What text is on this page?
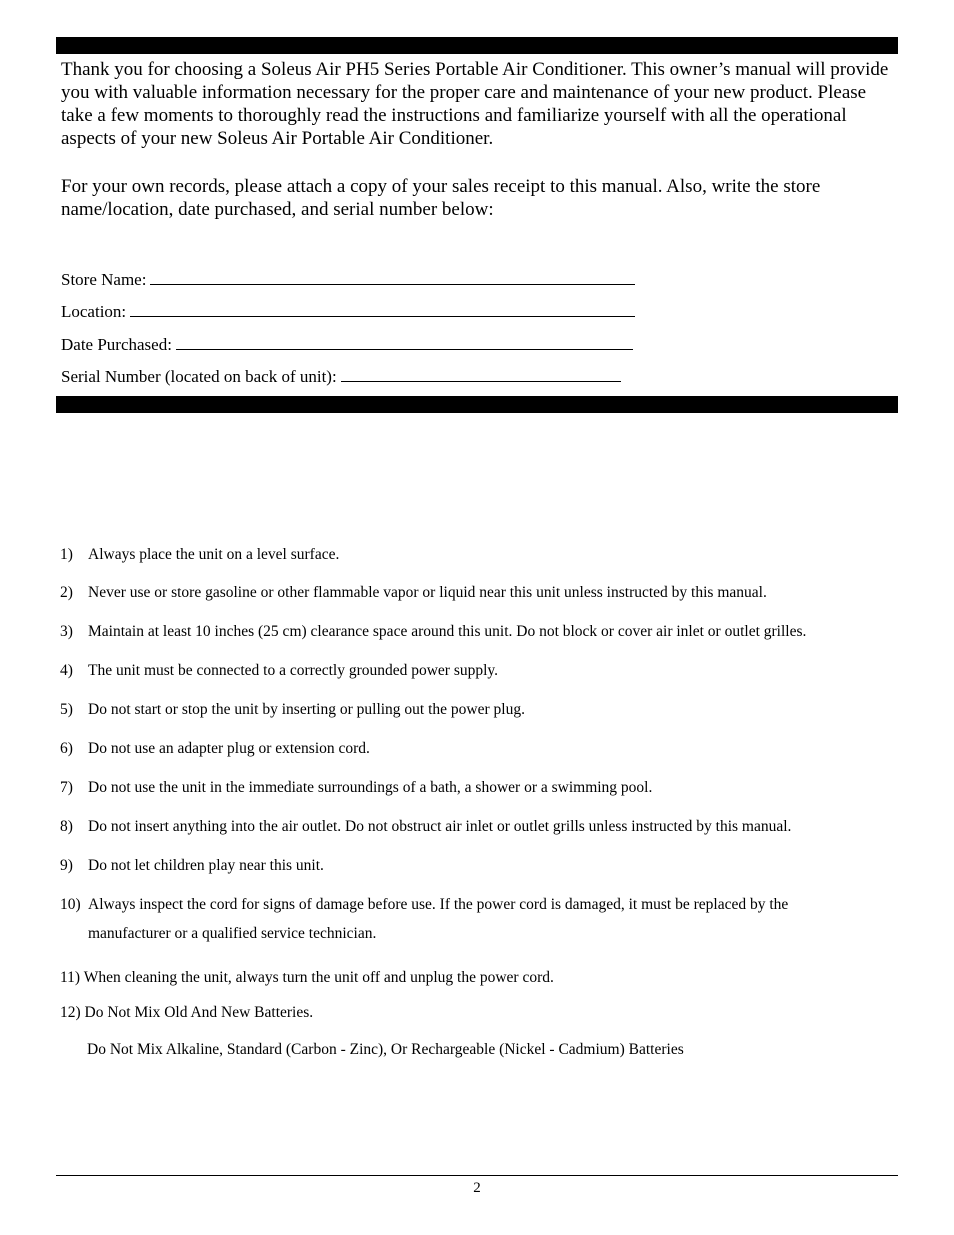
Thank you for choosing a Soleus Air PH5 Series Portable Air Conditioner. This owner’s manual will provide you with valuable information necessary for the proper care and maintenance of your new product. Please take a few moments to thoroughly read the instructions and familiarize yourself with all the operational aspects of your new Soleus Air Portable Air Conditioner.
For your own records, please attach a copy of your sales receipt to this manual. Also, write the store name/location, date purchased, and serial number below:
Store Name:
Location:
Date Purchased:
Serial Number (located on back of unit):
1) Always place the unit on a level surface.
2) Never use or store gasoline or other flammable vapor or liquid near this unit unless instructed by this manual.
3) Maintain at least 10 inches (25 cm) clearance space around this unit. Do not block or cover air inlet or outlet grilles.
4) The unit must be connected to a correctly grounded power supply.
5) Do not start or stop the unit by inserting or pulling out the power plug.
6) Do not use an adapter plug or extension cord.
7) Do not use the unit in the immediate surroundings of a bath, a shower or a swimming pool.
8) Do not insert anything into the air outlet. Do not obstruct air inlet or outlet grills unless instructed by this manual.
9) Do not let children play near this unit.
10) Always inspect the cord for signs of damage before use. If the power cord is damaged, it must be replaced by the
manufacturer or a qualified service technician.
11) When cleaning the unit, always turn the unit off and unplug the power cord.
12) Do Not Mix Old And New Batteries.
Do Not Mix Alkaline, Standard (Carbon - Zinc), Or Rechargeable (Nickel - Cadmium) Batteries
2
